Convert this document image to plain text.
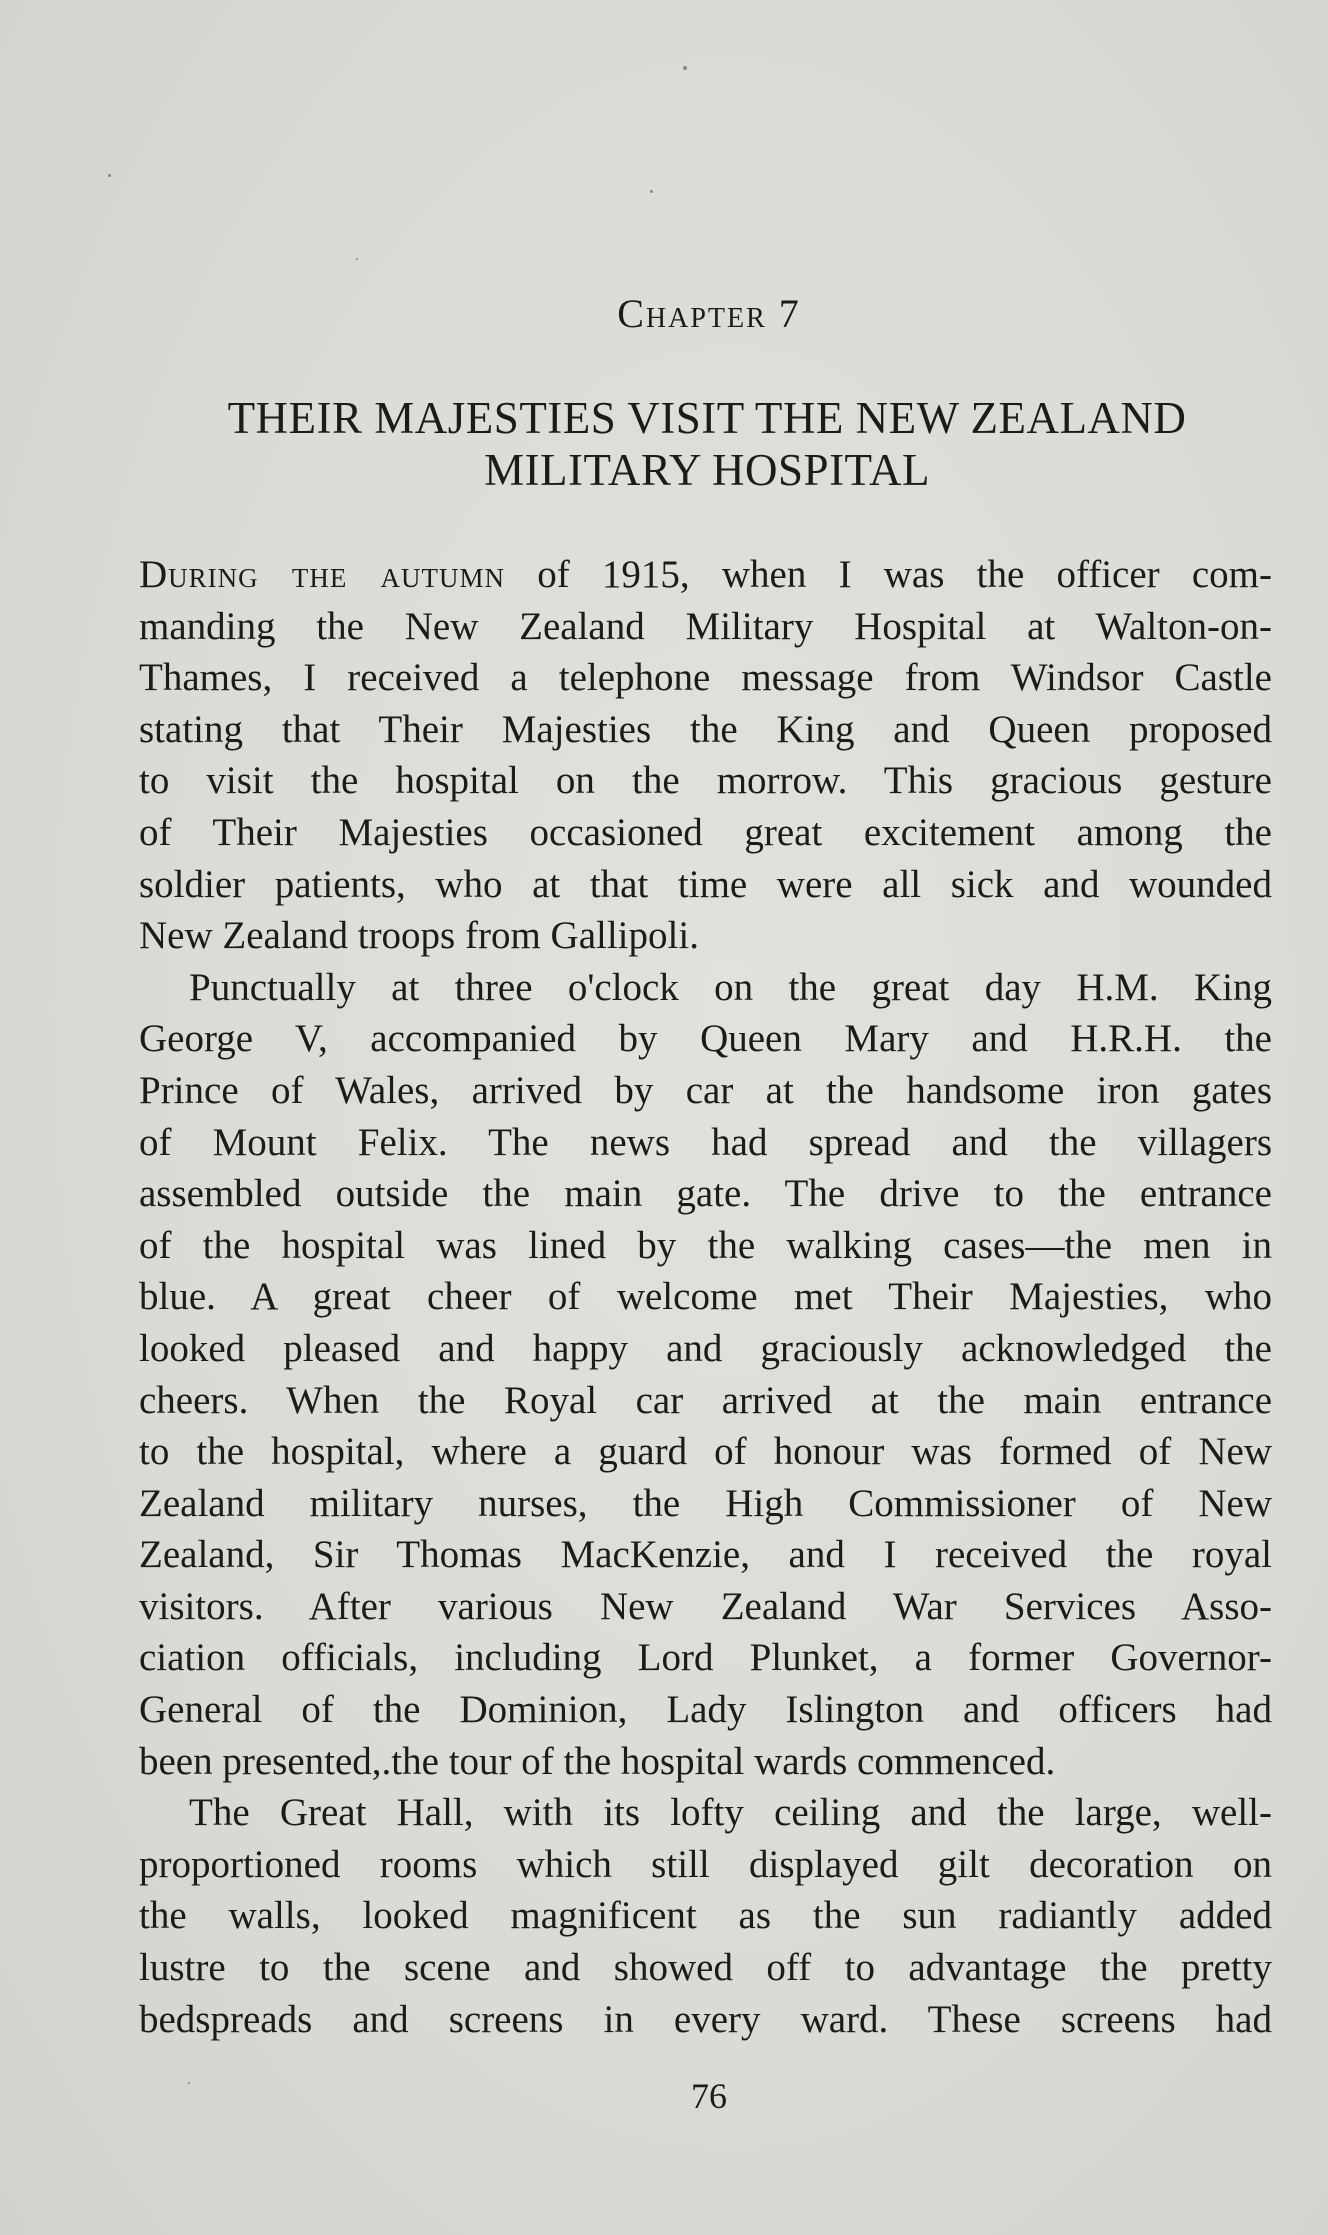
Chapter 7
THEIR MAJESTIES VISIT THE NEW ZEALAND
MILITARY HOSPITAL
During the autumn of 1915, when I was the officer com-
manding the New Zealand Military Hospital at Walton-on-
Thames, I received a telephone message from Windsor Castle
stating that Their Majesties the King and Queen proposed
to visit the hospital on the morrow. This gracious gesture
of Their Majesties occasioned great excitement among the
soldier patients, who at that time were all sick and wounded
New Zealand troops from Gallipoli.
Punctually at three o'clock on the great day H.M. King
George V, accompanied by Queen Mary and H.R.H. the
Prince of Wales, arrived by car at the handsome iron gates
of Mount Felix. The news had spread and the villagers
assembled outside the main gate. The drive to the entrance
of the hospital was lined by the walking cases—the men in
blue. A great cheer of welcome met Their Majesties, who
looked pleased and happy and graciously acknowledged the
cheers. When the Royal car arrived at the main entrance
to the hospital, where a guard of honour was formed of New
Zealand military nurses, the High Commissioner of New
Zealand, Sir Thomas MacKenzie, and I received the royal
visitors. After various New Zealand War Services Asso-
ciation officials, including Lord Plunket, a former Governor-
General of the Dominion, Lady Islington and officers had
been presented,.the tour of the hospital wards commenced.
The Great Hall, with its lofty ceiling and the large, well-
proportioned rooms which still displayed gilt decoration on
the walls, looked magnificent as the sun radiantly added
lustre to the scene and showed off to advantage the pretty
bedspreads and screens in every ward. These screens had
76
